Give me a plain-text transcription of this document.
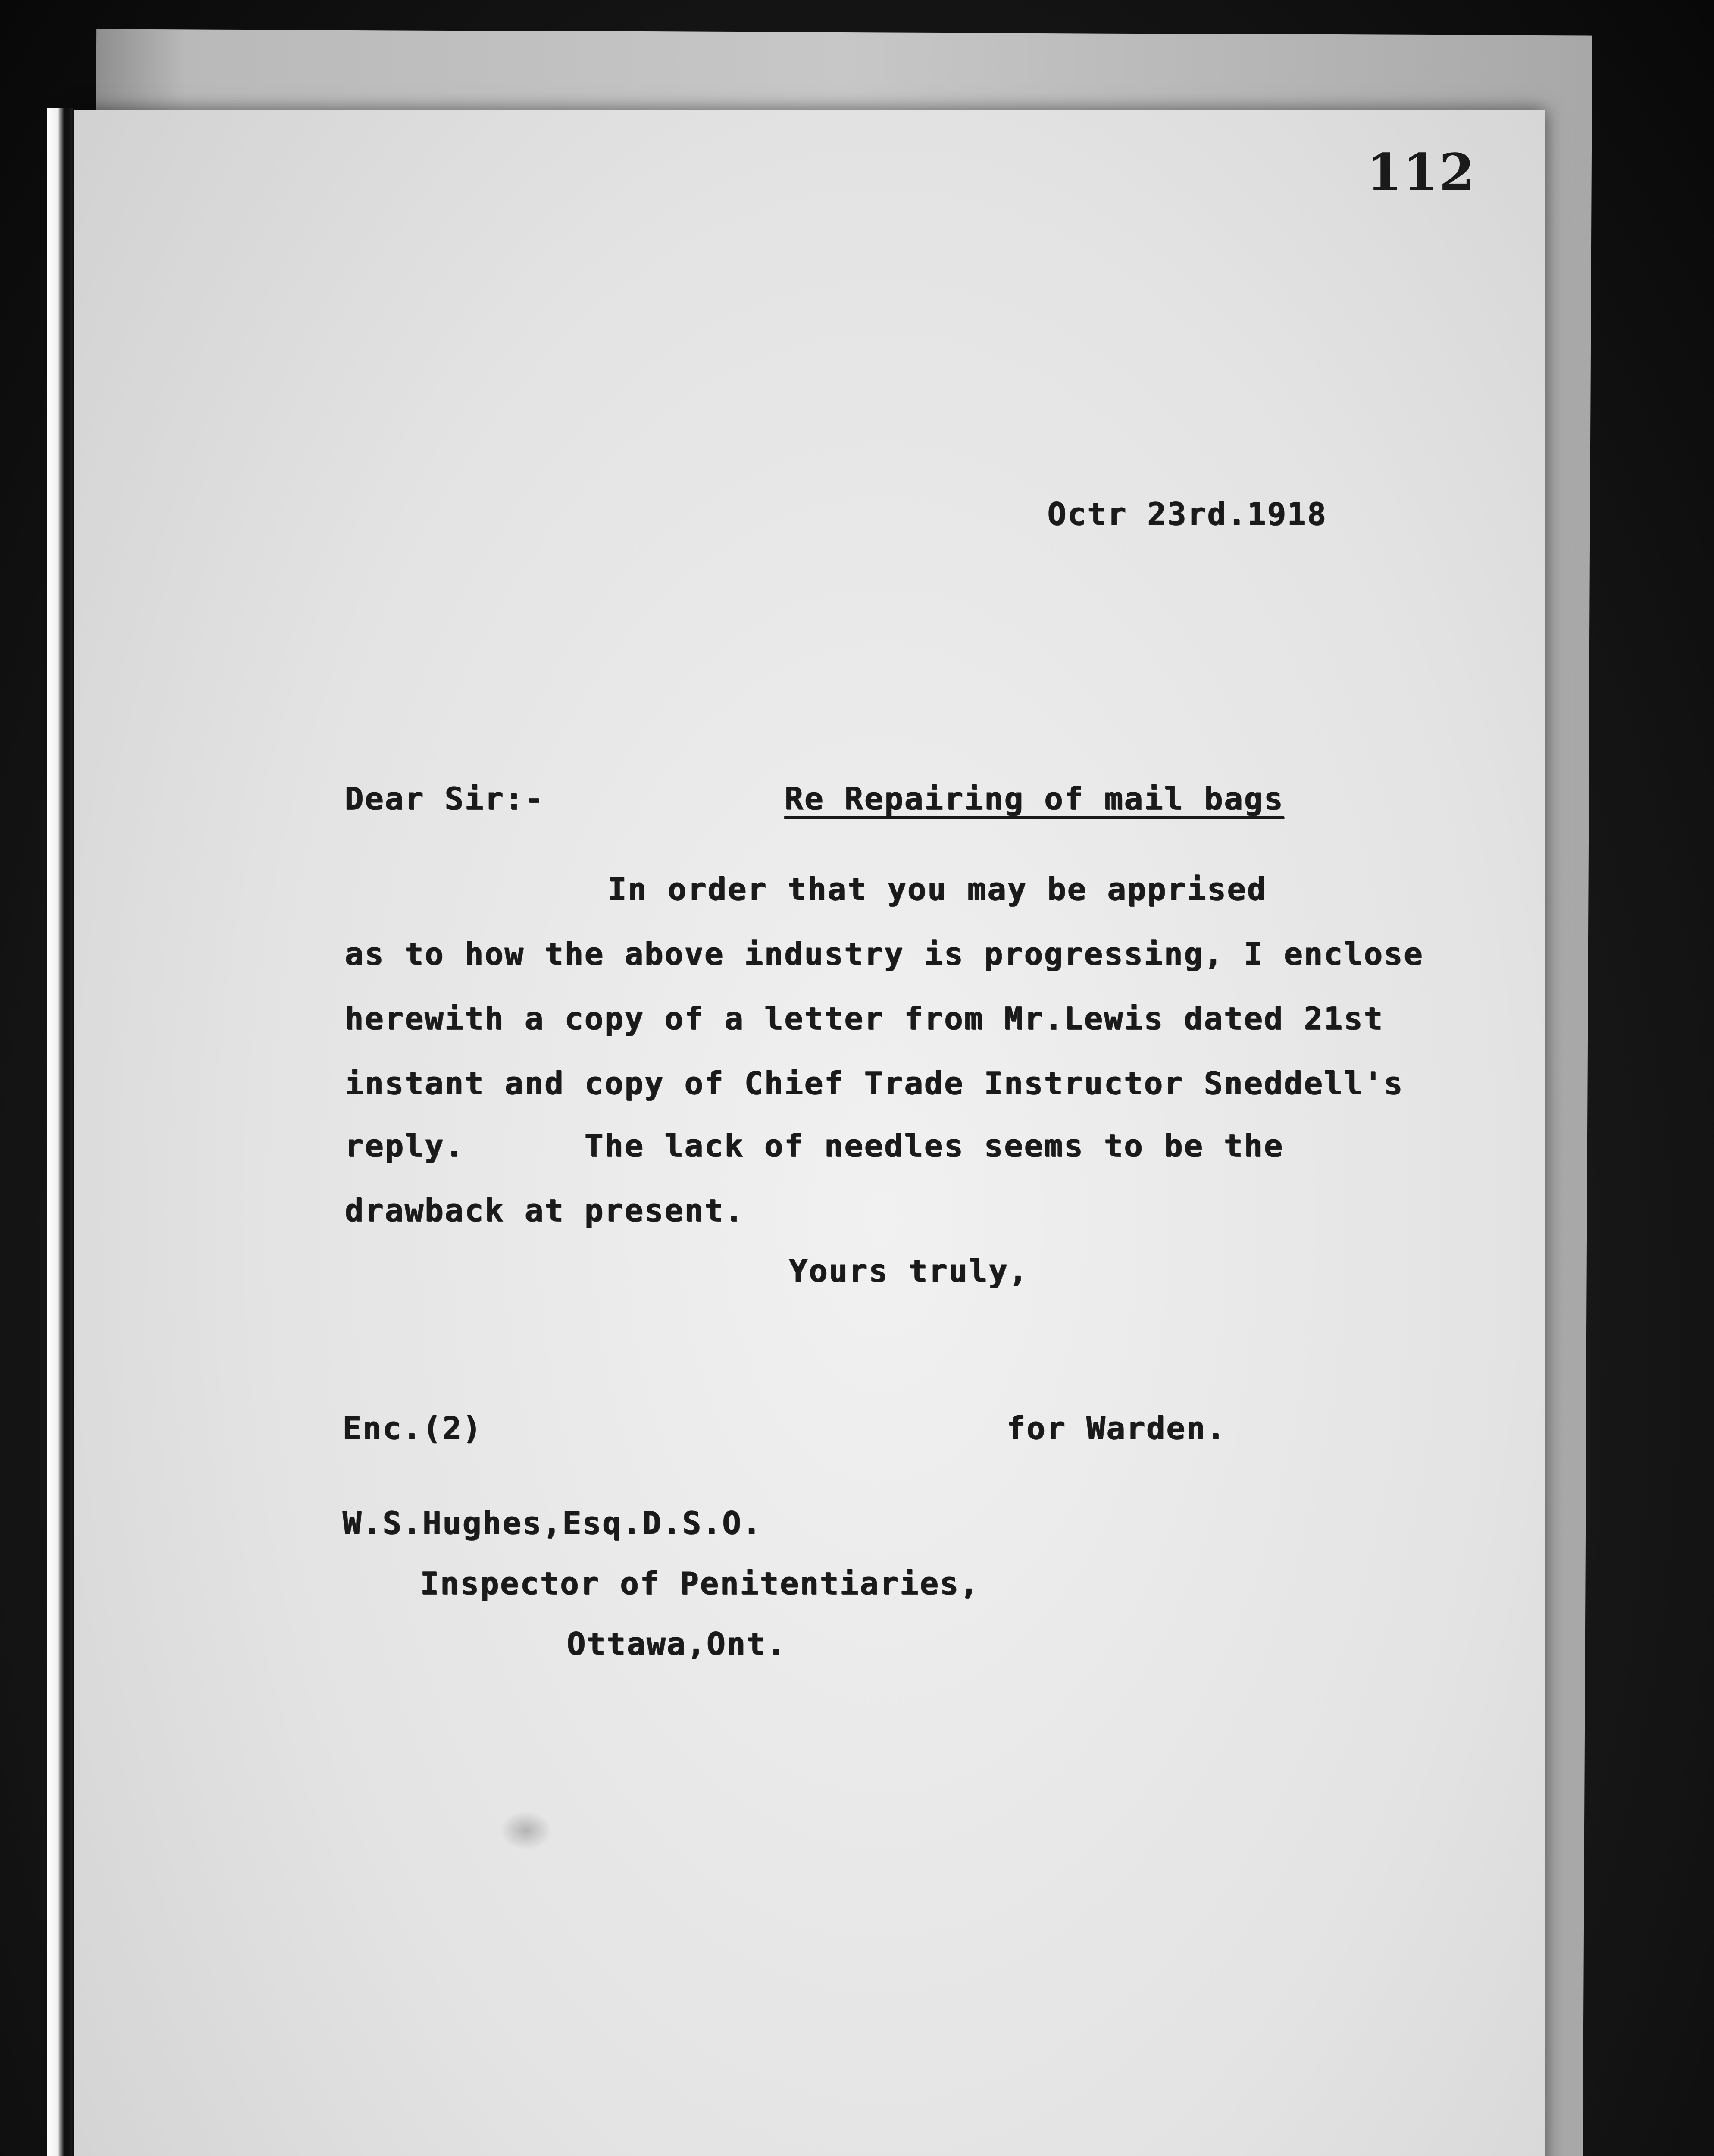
112

Octr 23rd.1918

Dear Sir:-	Re Repairing of mail bags

In order that you may be apprised

as to how the above industry is progressing, I enclose

herewith a copy of a letter from Mr.Lewis dated 21st

instant and copy of Chief Trade Instructor Sneddell's

reply.      The lack of needles seems to be the

drawback at present.

Yours truly,

Enc.(2)	for Warden.

W.S.Hughes,Esq.D.S.O.

Inspector of Penitentiaries,

Ottawa,Ont.
